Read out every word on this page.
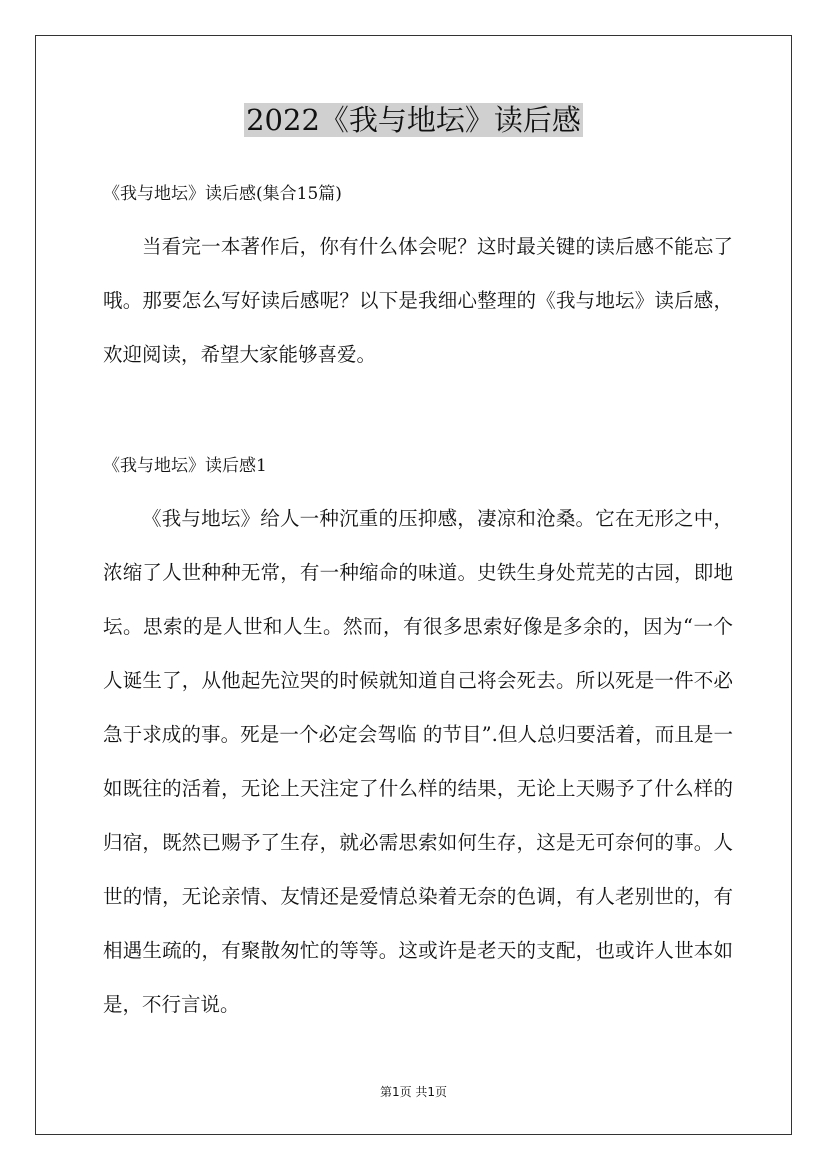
2022《我与地坛》读后感
《我与地坛》读后感(集合15篇)

当看完一本著作后，你有什么体会呢？这时最关键的读后感不能忘了哦。那要怎么写好读后感呢？以下是我细心整理的《我与地坛》读后感，欢迎阅读，希望大家能够喜爱。

《我与地坛》读后感1

《我与地坛》给人一种沉重的压抑感，凄凉和沧桑。它在无形之中，浓缩了人世种种无常，有一种缩命的味道。史铁生身处荒芜的古园，即地坛。思索的是人世和人生。然而，有很多思索好像是多余的，因为“一个人诞生了，从他起先泣哭的时候就知道自己将会死去。所以死是一件不必急于求成的事。死是一个必定会驾临 的节目”.但人总归要活着，而且是一如既往的活着，无论上天注定了什么样的结果，无论上天赐予了什么样的归宿，既然已赐予了生存，就必需思索如何生存，这是无可奈何的事。人世的情，无论亲情、友情还是爱情总染着无奈的色调，有人老别世的，有相遇生疏的，有聚散匆忙的等等。这或许是老天的支配，也或许人世本如是，不行言说。

第1页 共1页
